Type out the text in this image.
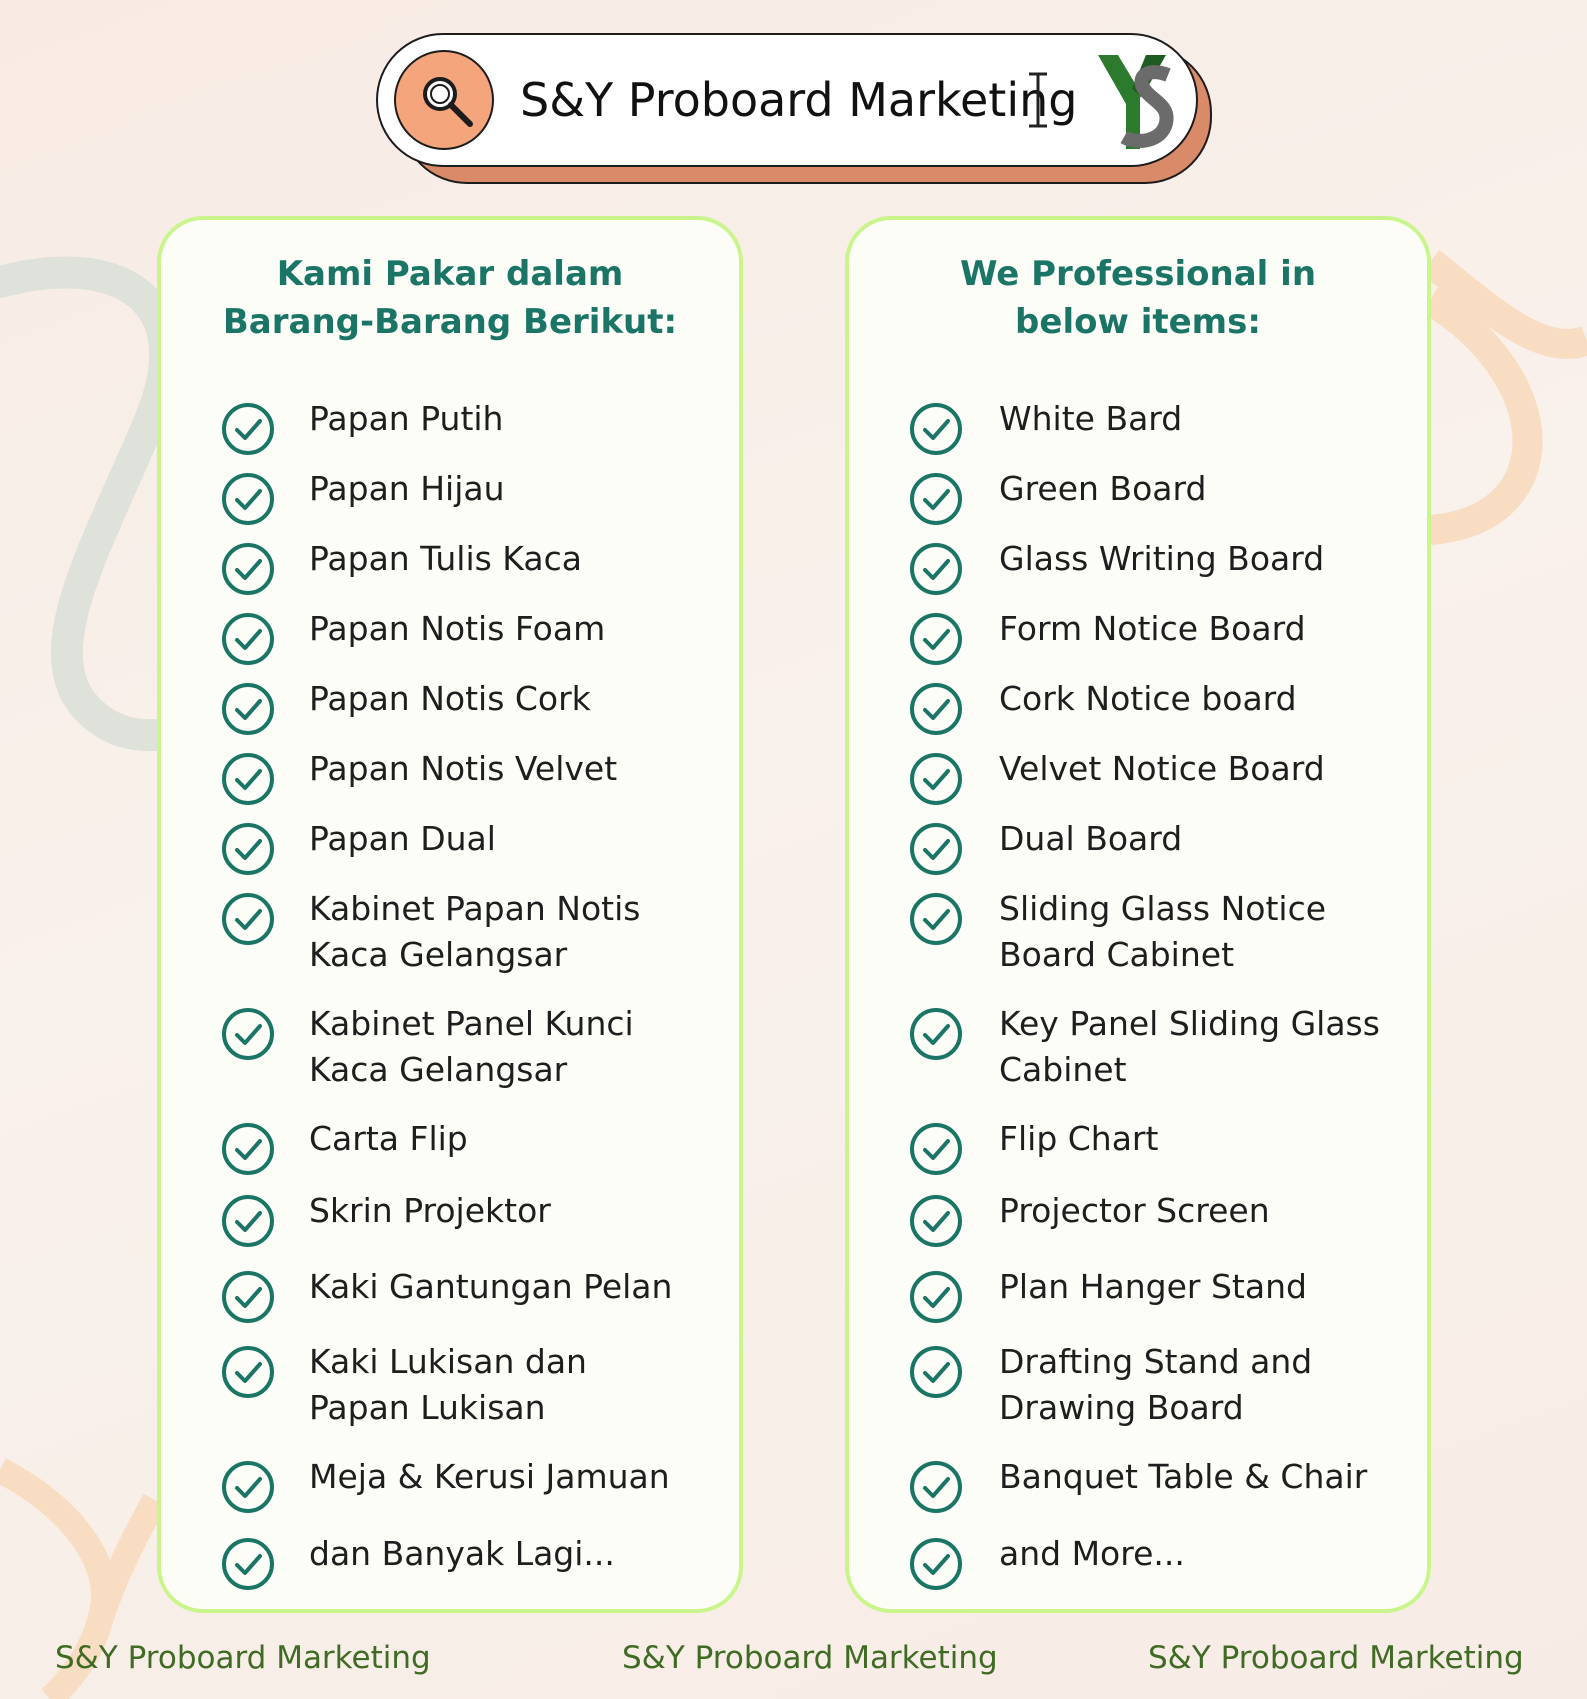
S&Y Proboard Marketing
Kami Pakar dalam
Barang-Barang Berikut:
Papan Putih
Papan Hijau
Papan Tulis Kaca
Papan Notis Foam
Papan Notis Cork
Papan Notis Velvet
Papan Dual
Kabinet Papan Notis
Kaca Gelangsar
Kabinet Panel Kunci
Kaca Gelangsar
Carta Flip
Skrin Projektor
Kaki Gantungan Pelan
Kaki Lukisan dan
Papan Lukisan
Meja & Kerusi Jamuan
dan Banyak Lagi...
We Professional in
below items:
White Bard
Green Board
Glass Writing Board
Form Notice Board
Cork Notice board
Velvet Notice Board
Dual Board
Sliding Glass Notice
Board Cabinet
Key Panel Sliding Glass
Cabinet
Flip Chart
Projector Screen
Plan Hanger Stand
Drafting Stand and
Drawing Board
Banquet Table & Chair
and More...
S&Y Proboard Marketing	S&Y Proboard Marketing	S&Y Proboard Marketing
